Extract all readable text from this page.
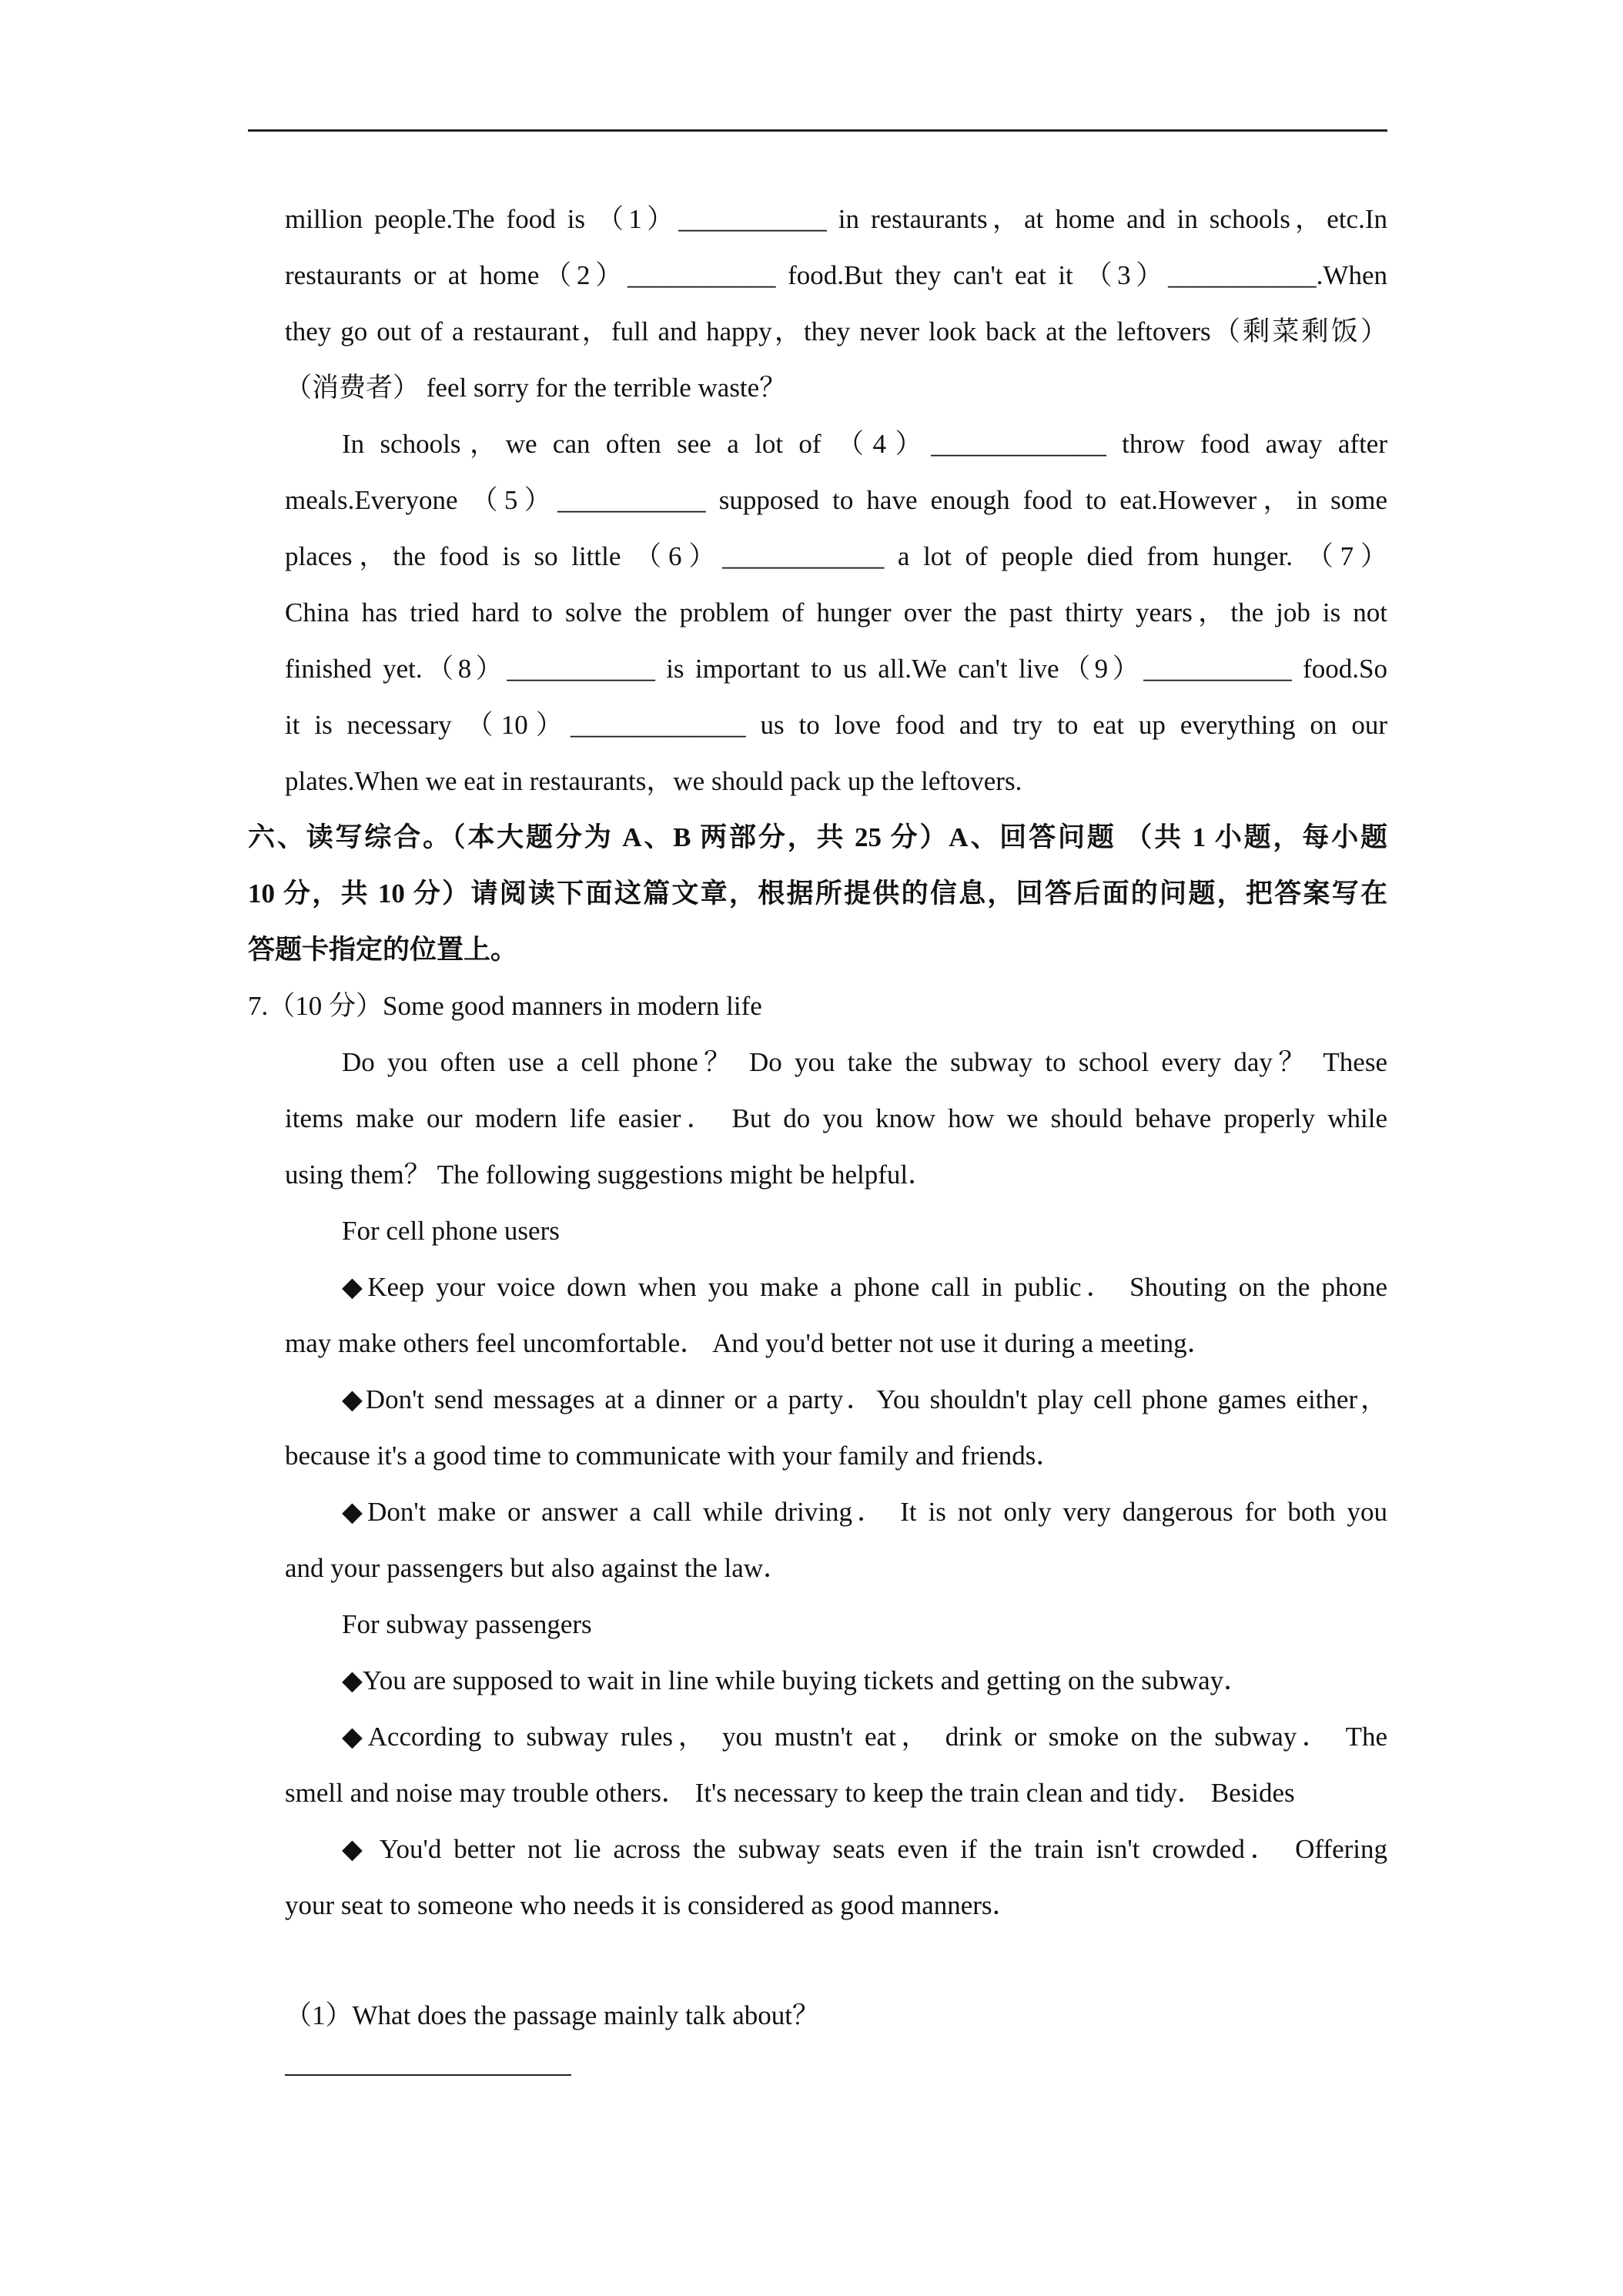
million people.The food is （1）___________ in restaurants，at home and in schools，etc.In
restaurants or at home（2）___________ food.But they can't eat it （3）___________.When
they go out of a restaurant，full and happy，they never look back at the leftovers（剩菜剩饭）
（消费者） feel sorry for the terrible waste？
In schools，we can often see a lot of （4）_____________ throw food away after
meals.Everyone （5）___________ supposed to have enough food to eat.However，in some
places，the food is so little （6）____________ a lot of people died from hunger. （7）
China has tried hard to solve the problem of hunger over the past thirty years，the job is not
finished yet.（8）___________ is important to us all.We can't live（9）___________ food.So
it is necessary （10）_____________ us to love food and try to eat up everything on our
plates.When we eat in restaurants，we should pack up the leftovers.
六、读写综合。（本大题分为 A、B 两部分，共 25 分）A、回答问题 （共 1 小题，每小题
10 分，共 10 分）请阅读下面这篇文章，根据所提供的信息，回答后面的问题，把答案写在
答题卡指定的位置上。
7.（10 分）Some good manners in modern life
Do you often use a cell phone？ Do you take the subway to school every day？ These
items make our modern life easier． But do you know how we should behave properly while
using them？ The following suggestions might be helpful．
For cell phone users
◆Keep your voice down when you make a phone call in public． Shouting on the phone
may make others feel uncomfortable． And you'd better not use it during a meeting．
◆Don't send messages at a dinner or a party．You shouldn't play cell phone games either，
because it's a good time to communicate with your family and friends．
◆Don't make or answer a call while driving． It is not only very dangerous for both you
and your passengers but also against the law．
For subway passengers
◆You are supposed to wait in line while buying tickets and getting on the subway．
◆According to subway rules， you mustn't eat， drink or smoke on the subway． The
smell and noise may trouble others． It's necessary to keep the train clean and tidy． Besides
◆ You'd better not lie across the subway seats even if the train isn't crowded． Offering
your seat to someone who needs it is considered as good manners．
（1）What does the passage mainly talk about？
